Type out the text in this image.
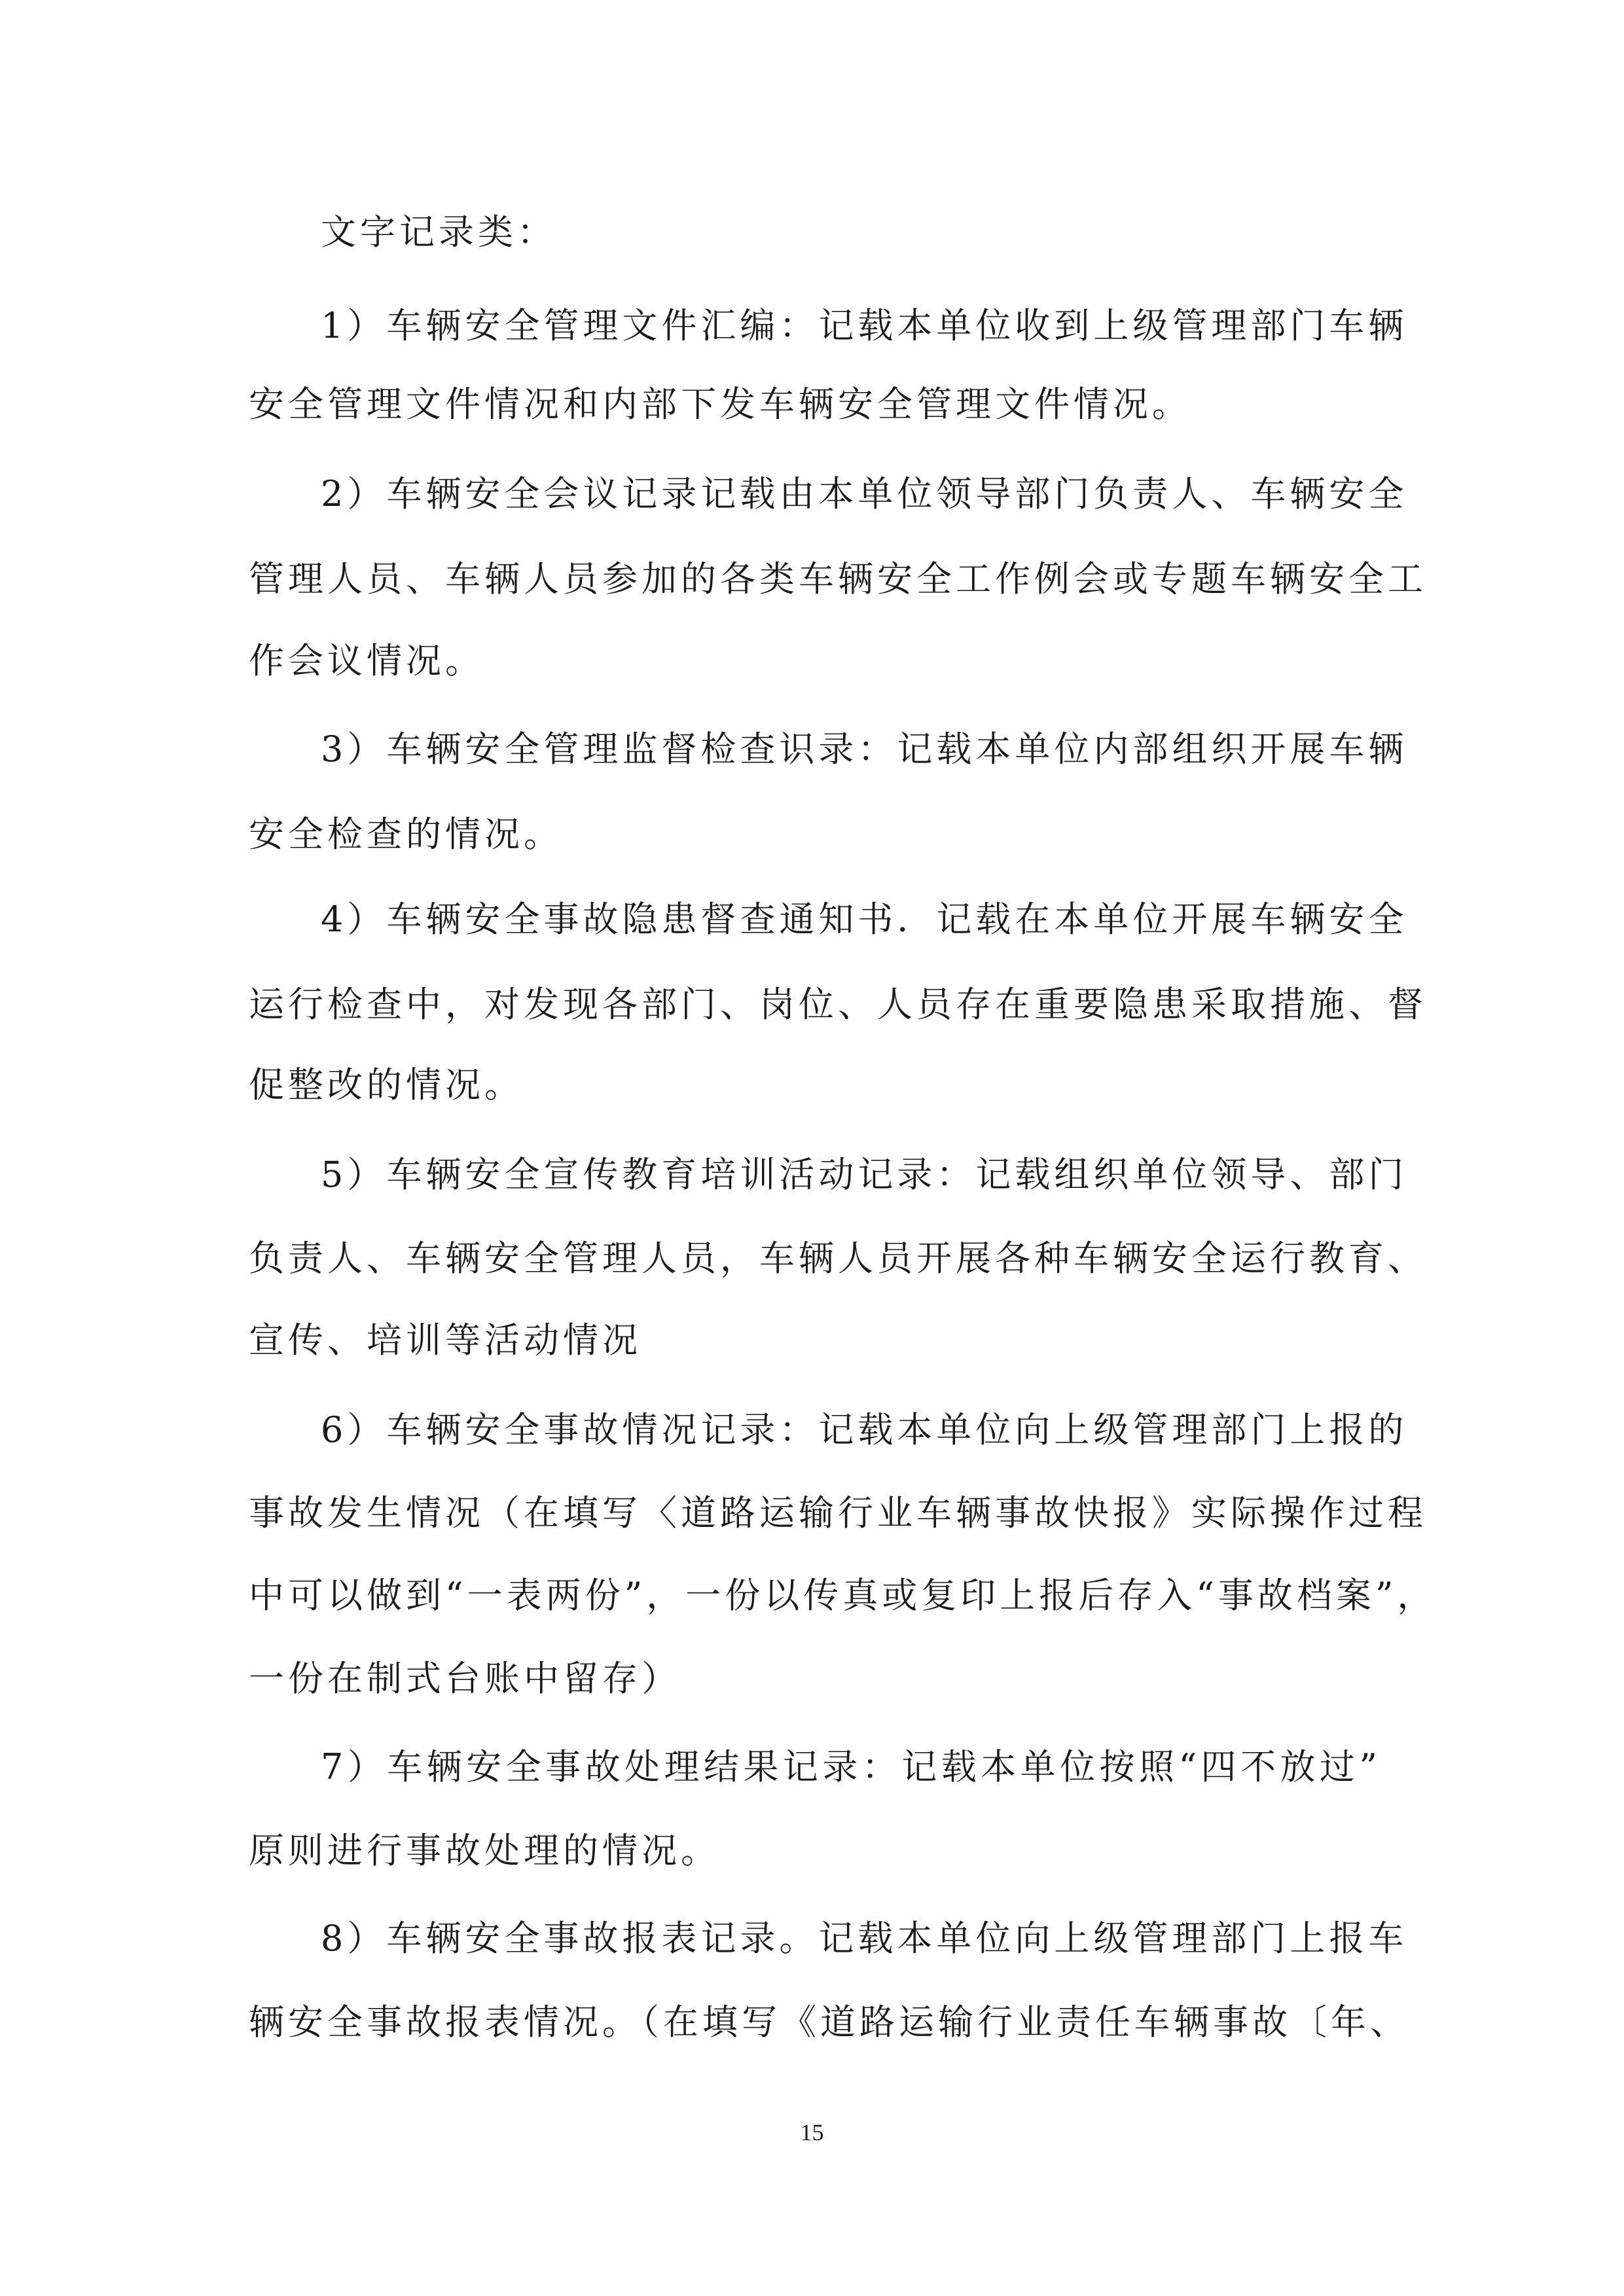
文字记录类：
1）车辆安全管理文件汇编：记载本单位收到上级管理部门车辆
安全管理文件情况和内部下发车辆安全管理文件情况。
2）车辆安全会议记录记载由本单位领导部门负责人、车辆安全
管理人员、车辆人员参加的各类车辆安全工作例会或专题车辆安全工
作会议情况。
3）车辆安全管理监督检查识录：记载本单位内部组织开展车辆
安全检查的情况。
4）车辆安全事故隐患督查通知书．记载在本单位开展车辆安全
运行检查中，对发现各部门、岗位、人员存在重要隐患采取措施、督
促整改的情况。
5）车辆安全宣传教育培训活动记录：记载组织单位领导、部门
负责人、车辆安全管理人员，车辆人员开展各种车辆安全运行教育、
宣传、培训等活动情况
6）车辆安全事故情况记录：记载本单位向上级管理部门上报的
事故发生情况（在填写〈道路运输行业车辆事故快报》实际操作过程
中可以做到“一表两份”，一份以传真或复印上报后存入“事故档案”，
一份在制式台账中留存）
7）车辆安全事故处理结果记录：记载本单位按照“四不放过”
原则进行事故处理的情况。
8）车辆安全事故报表记录。记载本单位向上级管理部门上报车
辆安全事故报表情况。（在填写《道路运输行业责任车辆事故〔年、
15
